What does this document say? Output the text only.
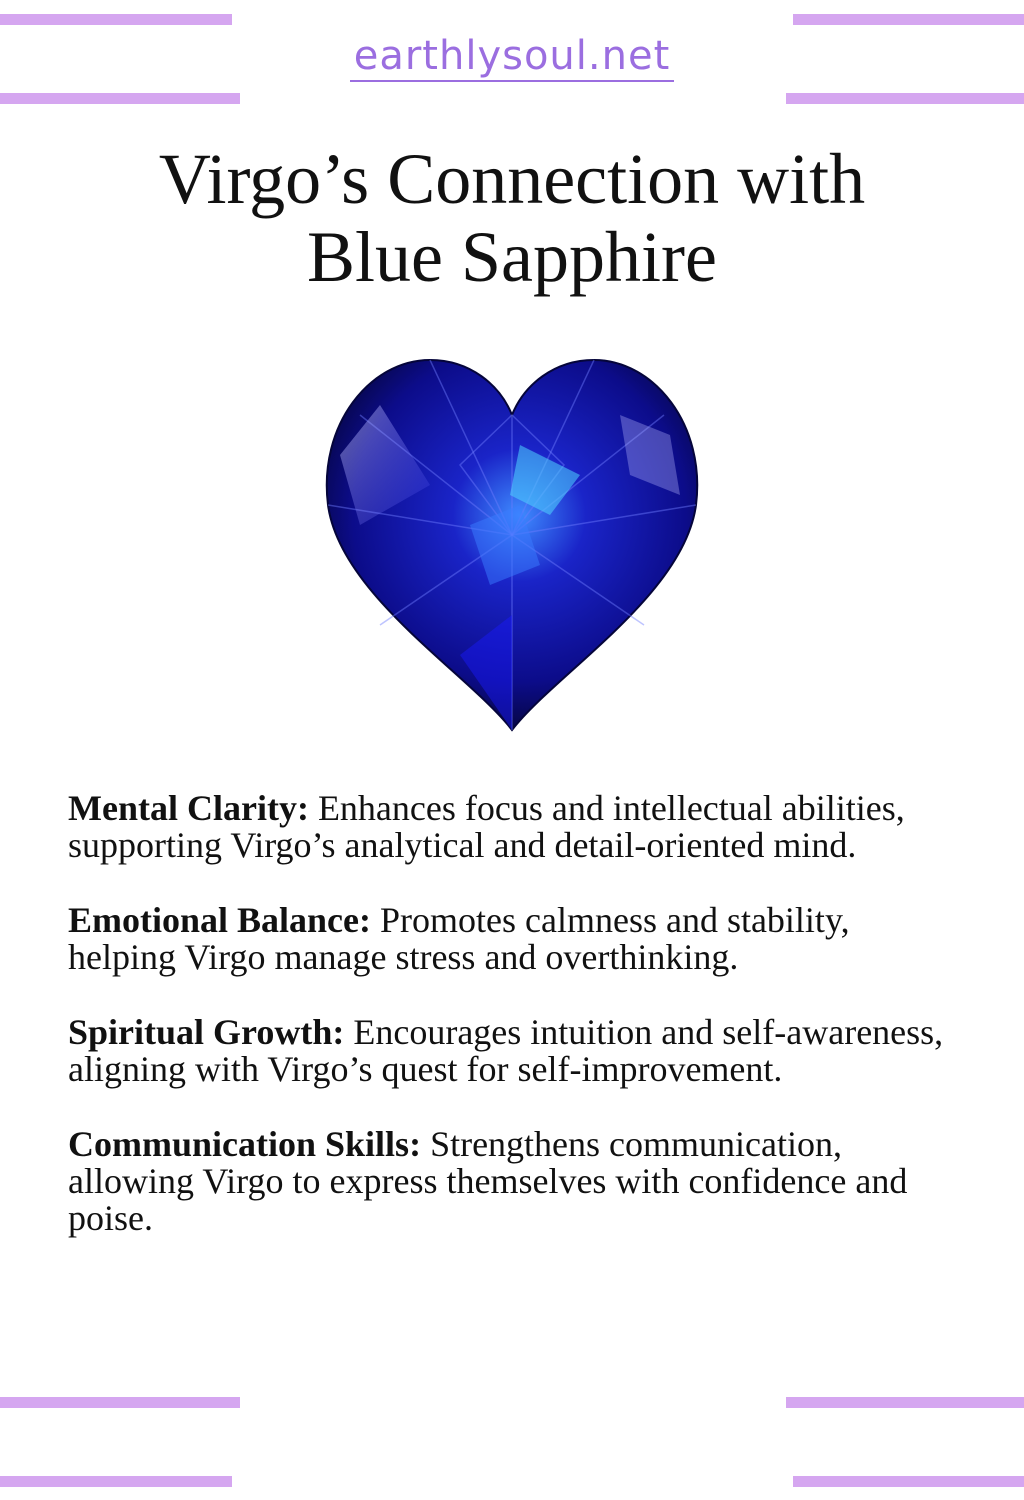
earthlysoul.net
Virgo’s Connection with
Blue Sapphire

Mental Clarity: Enhances focus and intellectual abilities, supporting Virgo’s analytical and detail-oriented mind.

Emotional Balance: Promotes calmness and stability, helping Virgo manage stress and overthinking.

Spiritual Growth: Encourages intuition and self-awareness, aligning with Virgo’s quest for self-improvement.

Communication Skills: Strengthens communication, allowing Virgo to express themselves with confidence and poise.
